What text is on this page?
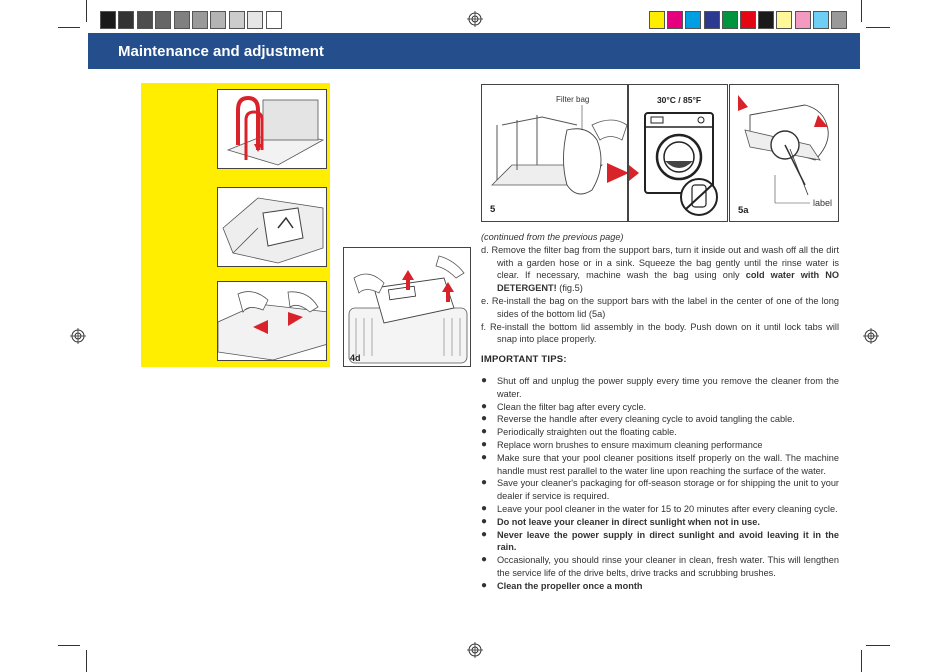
Maintenance and adjustment
4d
Filter bag
5
30°C / 85°F
label
5a

(continued from the previous page)

d. Remove the filter bag from the support bars, turn it inside out and wash off all the dirt with a garden hose or in a sink. Squeeze the bag gently until the rinse water is clear. If necessary, machine wash the bag using only cold water with NO DETERGENT! (fig.5)

e. Re-install the bag on the support bars with the label in the center of one of the long sides of the bottom lid (5a)

f. Re-install the bottom lid assembly in the body. Push down on it until lock tabs will snap into place properly.

IMPORTANT TIPS:

● Shut off and unplug the power supply every time you remove the cleaner from the water.
● Clean the filter bag after every cycle.
● Reverse the handle after every cleaning cycle to avoid tangling the cable.
● Periodically straighten out the floating cable.
● Replace worn brushes to ensure maximum cleaning performance
● Make sure that your pool cleaner positions itself properly on the wall. The machine handle must rest parallel to the water line upon reaching the surface of the water.
● Save your cleaner's packaging for off-season storage or for shipping the unit to your dealer if service is required.
● Leave your pool cleaner in the water for 15 to 20 minutes after every cleaning cycle.
● Do not leave your cleaner in direct sunlight when not in use.
● Never leave the power supply in direct sunlight and avoid leaving it in the rain.
● Occasionally, you should rinse your cleaner in clean, fresh water. This will lengthen the service life of the drive belts, drive tracks and scrubbing brushes.
● Clean the propeller once a month
